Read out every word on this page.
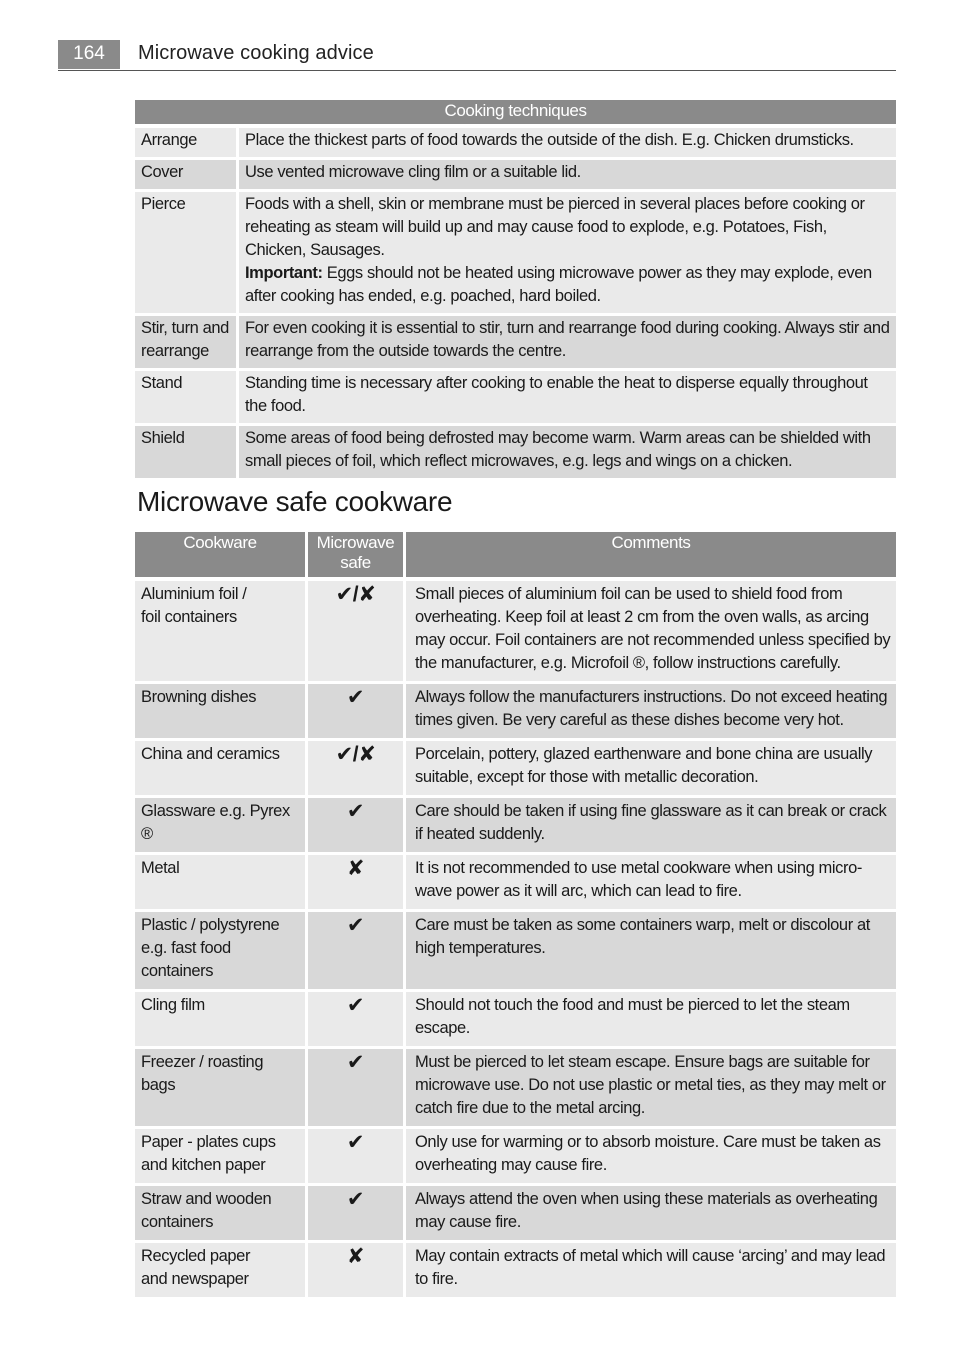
164	Microwave cooking advice
Cooking techniques	
Arrange	Place the thickest parts of food towards the outside of the dish. E.g. Chicken drumsticks.
Cover	Use vented microwave cling film or a suitable lid.
Pierce	Foods with a shell, skin or membrane must be pierced in several places before cooking or reheating as steam will build up and may cause food to explode, e.g. Potatoes, Fish, Chicken, Sausages.
Important: Eggs should not be heated using microwave power as they may explode, even after cooking has ended, e.g. poached, hard boiled.
Stir, turn and rearrange	For even cooking it is essential to stir, turn and rearrange food during cooking. Always stir and rearrange from the outside towards the centre.
Stand	Standing time is necessary after cooking to enable the heat to disperse equally throughout the food.
Shield	Some areas of food being defrosted may become warm. Warm areas can be shielded with small pieces of foil, which reflect microwaves, e.g. legs and wings on a chicken.
Microwave safe cookware
Cookware	Microwave safe	Comments
Aluminium foil /
foil containers	✔/✘	Small pieces of aluminium foil can be used to shield food from overheating. Keep foil at least 2 cm from the oven walls, as arcing may occur. Foil containers are not recommended unless specified by the manufacturer, e.g. Microfoil ®, follow instructions carefully.
Browning dishes	✔	Always follow the manufacturers instructions. Do not exceed heating times given. Be very careful as these dishes become very hot.
China and ceramics	✔/✘	Porcelain, pottery, glazed earthenware and bone china are usually suitable, except for those with metallic decoration.
Glassware e.g. Pyrex ®	✔	Care should be taken if using fine glassware as it can break or crack if heated suddenly.
Metal	✘	It is not recommended to use metal cookware when using micro-wave power as it will arc, which can lead to fire.
Plastic / polystyrene
e.g. fast food containers	✔	Care must be taken as some containers warp, melt or discolour at high temperatures.
Cling film	✔	Should not touch the food and must be pierced to let the steam escape.
Freezer / roasting bags	✔	Must be pierced to let steam escape. Ensure bags are suitable for microwave use. Do not use plastic or metal ties, as they may melt or catch fire due to the metal arcing.
Paper - plates cups
and kitchen paper	✔	Only use for warming or to absorb moisture. Care must be taken as overheating may cause fire.
Straw and wooden containers	✔	Always attend the oven when using these materials as overheating may cause fire.
Recycled paper
and newspaper	✘	May contain extracts of metal which will cause ‘arcing’ and may lead to fire.
